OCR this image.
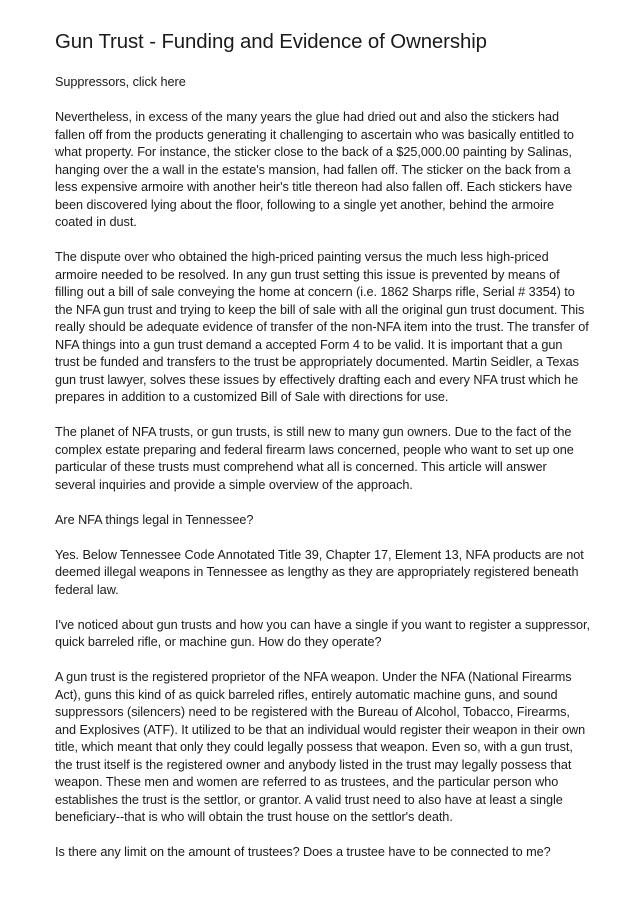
Gun Trust - Funding and Evidence of Ownership

Suppressors, click here

Nevertheless, in excess of the many years the glue had dried out and also the stickers had fallen off from the products generating it challenging to ascertain who was basically entitled to what property. For instance, the sticker close to the back of a $25,000.00 painting by Salinas, hanging over the a wall in the estate's mansion, had fallen off. The sticker on the back from a less expensive armoire with another heir's title thereon had also fallen off. Each stickers have been discovered lying about the floor, following to a single yet another, behind the armoire coated in dust.

The dispute over who obtained the high-priced painting versus the much less high-priced armoire needed to be resolved. In any gun trust setting this issue is prevented by means of filling out a bill of sale conveying the home at concern (i.e. 1862 Sharps rifle, Serial # 3354) to the NFA gun trust and trying to keep the bill of sale with all the original gun trust document. This really should be adequate evidence of transfer of the non-NFA item into the trust. The transfer of NFA things into a gun trust demand a accepted Form 4 to be valid. It is important that a gun trust be funded and transfers to the trust be appropriately documented. Martin Seidler, a Texas gun trust lawyer, solves these issues by effectively drafting each and every NFA trust which he prepares in addition to a customized Bill of Sale with directions for use.

The planet of NFA trusts, or gun trusts, is still new to many gun owners. Due to the fact of the complex estate preparing and federal firearm laws concerned, people who want to set up one particular of these trusts must comprehend what all is concerned. This article will answer several inquiries and provide a simple overview of the approach.

Are NFA things legal in Tennessee?

Yes. Below Tennessee Code Annotated Title 39, Chapter 17, Element 13, NFA products are not deemed illegal weapons in Tennessee as lengthy as they are appropriately registered beneath federal law.

I've noticed about gun trusts and how you can have a single if you want to register a suppressor, quick barreled rifle, or machine gun. How do they operate?

A gun trust is the registered proprietor of the NFA weapon. Under the NFA (National Firearms Act), guns this kind of as quick barreled rifles, entirely automatic machine guns, and sound suppressors (silencers) need to be registered with the Bureau of Alcohol, Tobacco, Firearms, and Explosives (ATF). It utilized to be that an individual would register their weapon in their own title, which meant that only they could legally possess that weapon. Even so, with a gun trust, the trust itself is the registered owner and anybody listed in the trust may legally possess that weapon. These men and women are referred to as trustees, and the particular person who establishes the trust is the settlor, or grantor. A valid trust need to also have at least a single beneficiary--that is who will obtain the trust house on the settlor's death.

Is there any limit on the amount of trustees? Does a trustee have to be connected to me?
